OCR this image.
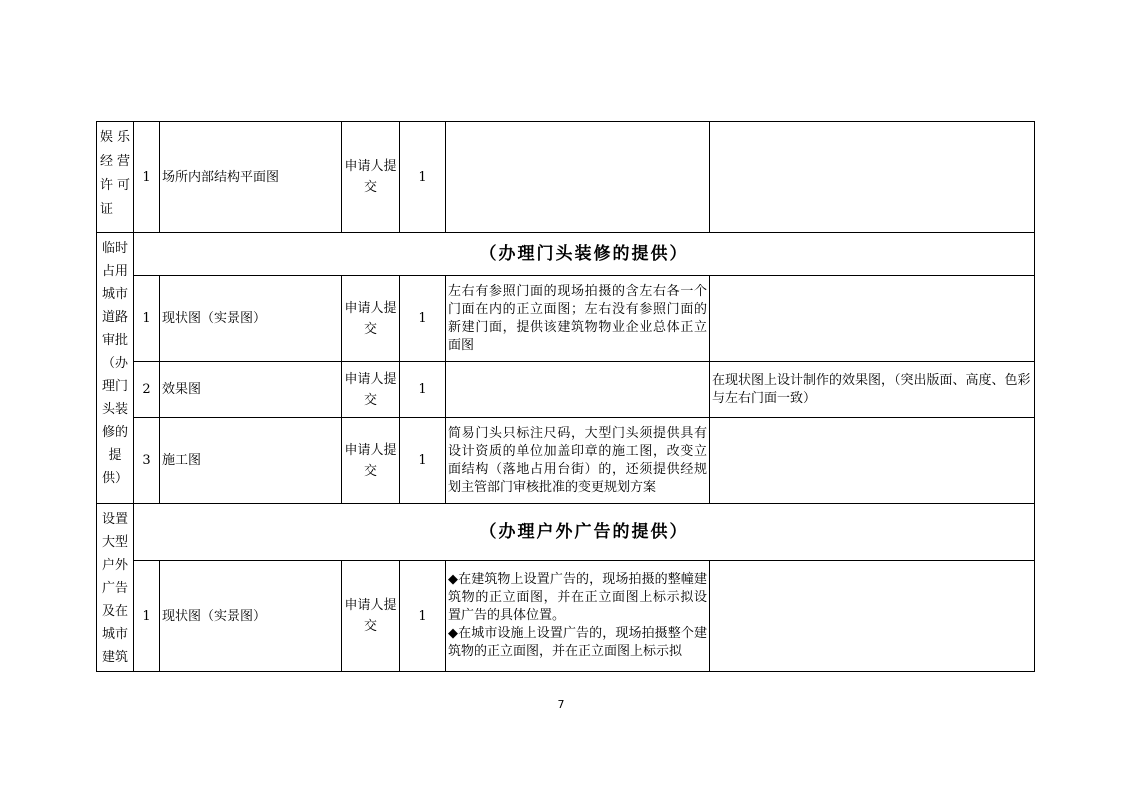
娱乐经营许可证	1	场所内部结构平面图	申请人提交	1		
临时占用城市道路审批（办理门头装修的提供）	（办理门头装修的提供）					
	1	现状图（实景图）	申请人提交	1	左右有参照门面的现场拍摄的含左右各一个门面在内的正立面图；左右没有参照门面的新建门面，提供该建筑物物业企业总体正立面图	
	2	效果图	申请人提交	1		在现状图上设计制作的效果图，（突出版面、高度、色彩与左右门面一致）
	3	施工图	申请人提交	1	简易门头只标注尺码，大型门头须提供具有设计资质的单位加盖印章的施工图，改变立面结构（落地占用台街）的，还须提供经规划主管部门审核批准的变更规划方案	
设置大型户外广告及在城市建筑	（办理户外广告的提供）					
	1	现状图（实景图）	申请人提交	1	◆在建筑物上设置广告的，现场拍摄的整幢建筑物的正立面图，并在正立面图上标示拟设置广告的具体位置。
◆在城市设施上设置广告的，现场拍摄整个建筑物的正立面图，并在正立面图上标示拟	

7
